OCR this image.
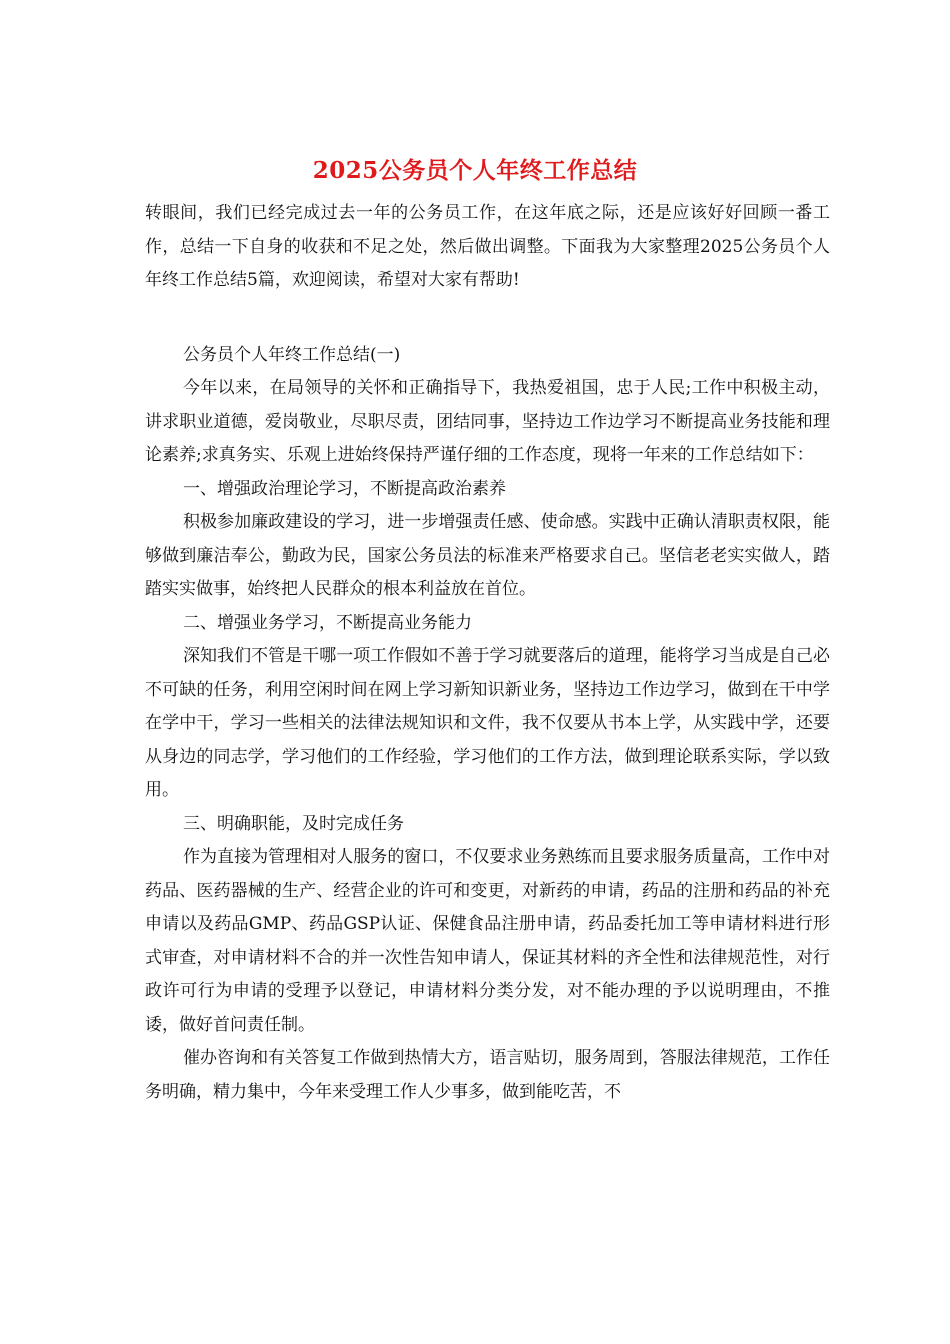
2025公务员个人年终工作总结

转眼间，我们已经完成过去一年的公务员工作，在这年底之际，还是应该好好回顾一番工作，总结一下自身的收获和不足之处，然后做出调整。下面我为大家整理2025公务员个人年终工作总结5篇，欢迎阅读，希望对大家有帮助!

公务员个人年终工作总结(一)

今年以来，在局领导的关怀和正确指导下，我热爱祖国，忠于人民;工作中积极主动，讲求职业道德，爱岗敬业，尽职尽责，团结同事，坚持边工作边学习不断提高业务技能和理论素养;求真务实、乐观上进始终保持严谨仔细的工作态度，现将一年来的工作总结如下：

一、增强政治理论学习，不断提高政治素养

积极参加廉政建设的学习，进一步增强责任感、使命感。实践中正确认清职责权限，能够做到廉洁奉公，勤政为民，国家公务员法的标准来严格要求自己。坚信老老实实做人，踏踏实实做事，始终把人民群众的根本利益放在首位。

二、增强业务学习，不断提高业务能力

深知我们不管是干哪一项工作假如不善于学习就要落后的道理，能将学习当成是自己必不可缺的任务，利用空闲时间在网上学习新知识新业务，坚持边工作边学习，做到在干中学在学中干，学习一些相关的法律法规知识和文件，我不仅要从书本上学，从实践中学，还要从身边的同志学，学习他们的工作经验，学习他们的工作方法，做到理论联系实际，学以致用。

三、明确职能，及时完成任务

作为直接为管理相对人服务的窗口，不仅要求业务熟练而且要求服务质量高，工作中对药品、医药器械的生产、经营企业的许可和变更，对新药的申请，药品的注册和药品的补充申请以及药品GMP、药品GSP认证、保健食品注册申请，药品委托加工等申请材料进行形式审查，对申请材料不合的并一次性告知申请人，保证其材料的齐全性和法律规范性，对行政许可行为申请的受理予以登记，申请材料分类分发，对不能办理的予以说明理由，不推诿，做好首问责任制。

催办咨询和有关答复工作做到热情大方，语言贴切，服务周到，答服法律规范，工作任务明确，精力集中，今年来受理工作人少事多，做到能吃苦，不
